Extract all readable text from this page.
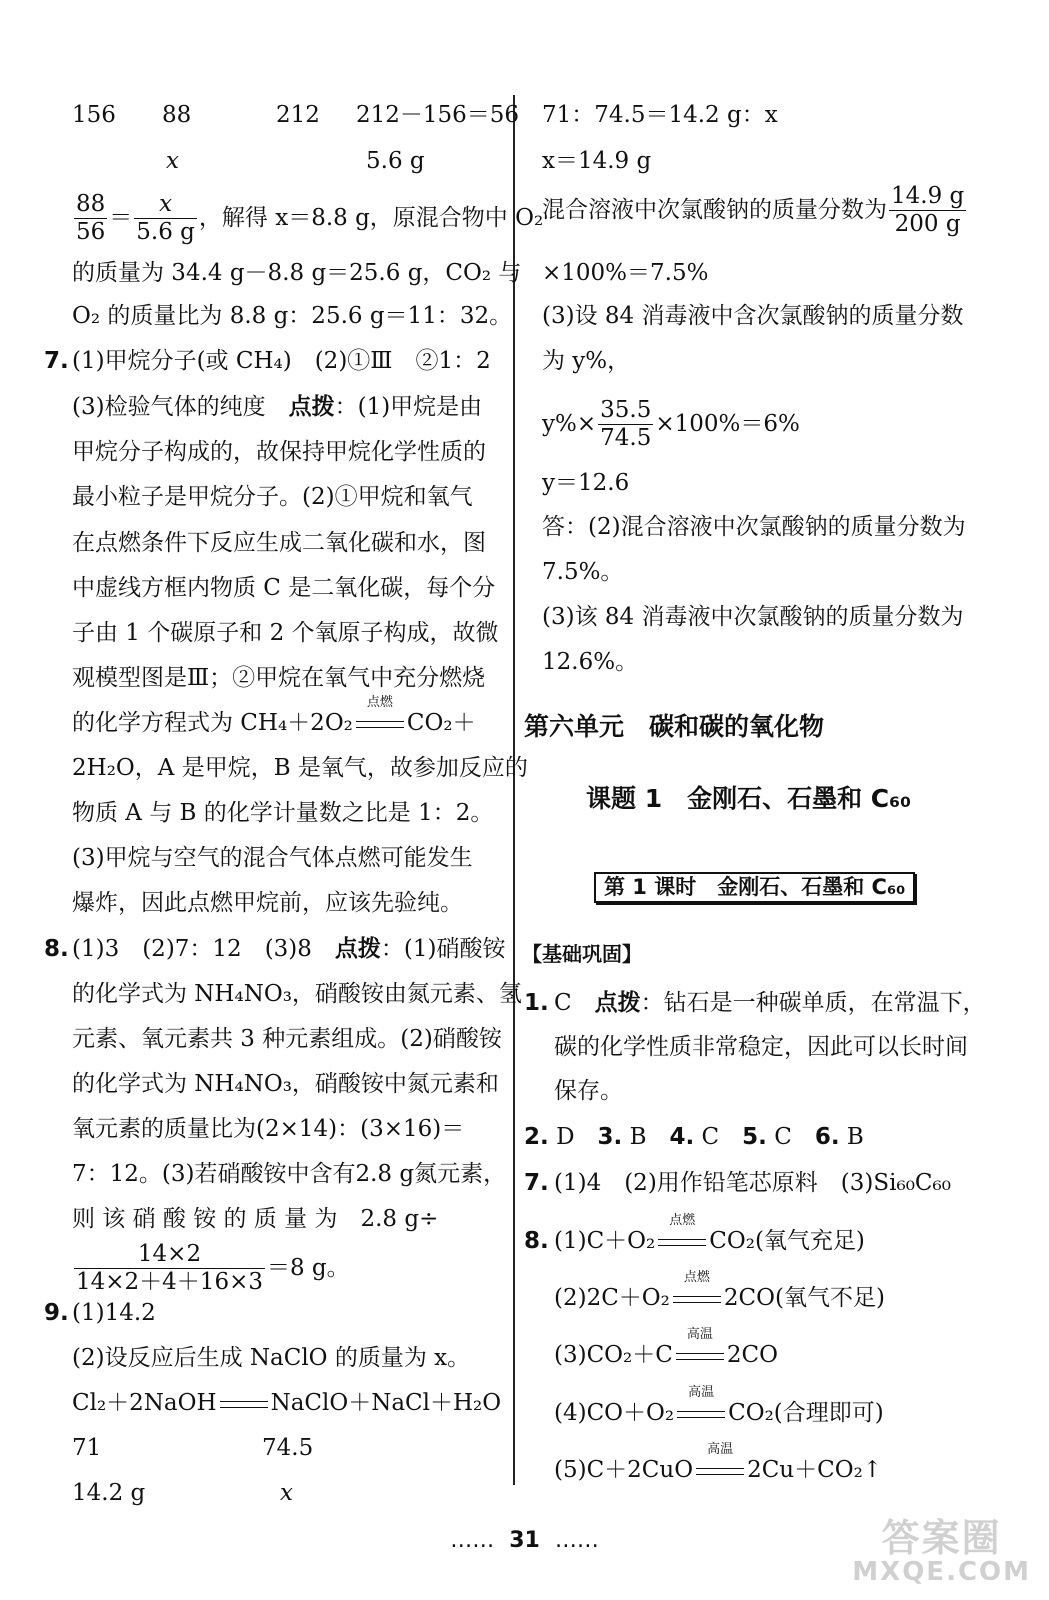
156 88	212 212－156＝56
x	5.6 g
$\frac{88}{56} = \frac{x}{5.6 g}$ ，解得 x＝8.8 g，原混合物中 O₂
的质量为 34.4 g－8.8 g＝25.6 g，CO₂ 与
O₂ 的质量比为 8.8 g：25.6 g＝11：32。
7. (1)甲烷分子(或 CH₄)　(2)①Ⅲ　②1：2
(3)检验气体的纯度　点拨：(1)甲烷是由
甲烷分子构成的，故保持甲烷化学性质的
最小粒子是甲烷分子。(2)①甲烷和氧气
在点燃条件下反应生成二氧化碳和水，图
中虚线方框内物质 C 是二氧化碳，每个分
子由 1 个碳原子和 2 个氧原子构成，故微
观模型图是Ⅲ；②甲烷在氧气中充分燃烧
的化学方程式为 CH₄＋2O₂
点燃
CO₂＋
2H₂O，A 是甲烷，B 是氧气，故参加反应的
物质 A 与 B 的化学计量数之比是 1：2。
(3)甲烷与空气的混合气体点燃可能发生
爆炸，因此点燃甲烷前，应该先验纯。
8. (1)3　(2)7：12　(3)8　点拨：(1)硝酸铵
的化学式为 NH₄NO₃，硝酸铵由氮元素、氢
元素、氧元素共 3 种元素组成。(2)硝酸铵
的化学式为 NH₄NO₃，硝酸铵中氮元素和
氧元素的质量比为(2×14)：(3×16)＝
7：12。(3)若硝酸铵中含有2.8 g氮元素，
则 该 硝 酸 铵 的 质 量 为　2.8 g÷
$\frac{14\times 2}{14\times 2+4+16\times 3} =8$ g。
9. (1)14.2
(2)设反应后生成 NaClO 的质量为 x。
Cl₂＋2NaOH NaClO＋NaCl＋H₂O
71	74.5
14.2 g	x
71：74.5＝14.2 g：x
x＝14.9 g
混合溶液中次氯酸钠的质量分数为 $\frac{14.9 g}{200 g}$
×100%＝7.5%
(3)设 84 消毒液中含次氯酸钠的质量分数
为 y%，
$y\%\times \frac{35.5}{74.5} \times 100\%=6\%$
y＝12.6
答：(2)混合溶液中次氯酸钠的质量分数为
7.5%。
(3)该 84 消毒液中次氯酸钠的质量分数为
12.6%。
第六单元　碳和碳的氧化物
课题 1　金刚石、石墨和 C₆₀
第 1 课时　金刚石、石墨和 C₆₀
【基础巩固】
1. C　点拨：钻石是一种碳单质，在常温下，
碳的化学性质非常稳定，因此可以长时间
保存。
2. D　 3. B　 4. C　 5. C　 6. B
7. (1)4　(2)用作铅笔芯原料　(3)Si₆₀C₆₀
8. (1)C＋O₂
点燃
CO₂(氧气充足)
(2)2C＋O₂
点燃
2CO(氧气不足)
(3)CO₂＋C
高温
2CO
(4)CO＋O₂
高温
CO₂(合理即可)
(5)C＋2CuO
高温
2Cu＋CO₂↑
…… 31 ……	答案圈
MXQE.COM
